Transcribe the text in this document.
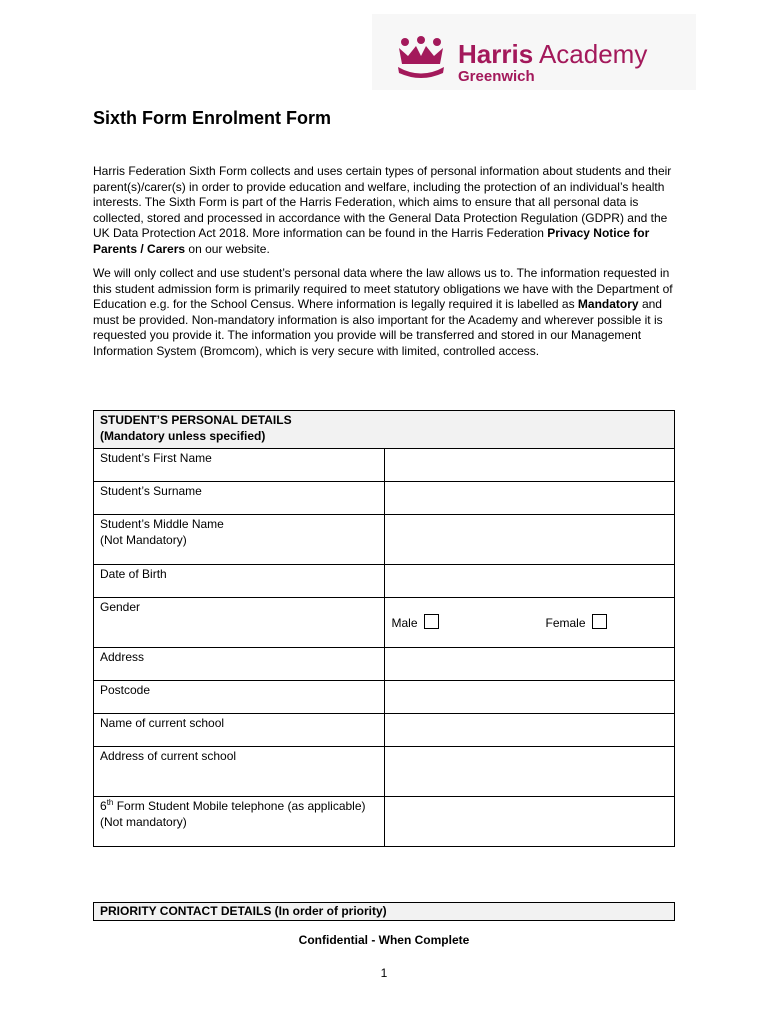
Harris Academy
Greenwich
Sixth Form Enrolment Form
Harris Federation Sixth Form collects and uses certain types of personal information about students and their parent(s)/carer(s) in order to provide education and welfare, including the protection of an individual’s health interests. The Sixth Form is part of the Harris Federation, which aims to ensure that all personal data is collected, stored and processed in accordance with the General Data Protection Regulation (GDPR) and the UK Data Protection Act 2018. More information can be found in the Harris Federation Privacy Notice for Parents / Carers on our website.
We will only collect and use student’s personal data where the law allows us to. The information requested in this student admission form is primarily required to meet statutory obligations we have with the Department of Education e.g. for the School Census. Where information is legally required it is labelled as Mandatory and must be provided. Non-mandatory information is also important for the Academy and wherever possible it is requested you provide it. The information you provide will be transferred and stored in our Management Information System (Bromcom), which is very secure with limited, controlled access.
STUDENT’S PERSONAL DETAILS
(Mandatory unless specified)	
Student’s First Name	
Student’s Surname	
Student’s Middle Name
(Not Mandatory)	
Date of Birth	
Gender	Male Female

Address	
Postcode	
Name of current school	
Address of current school	
6th Form Student Mobile telephone (as applicable)
(Not mandatory)	
PRIORITY CONTACT DETAILS (In order of priority)
Confidential - When Complete
1
